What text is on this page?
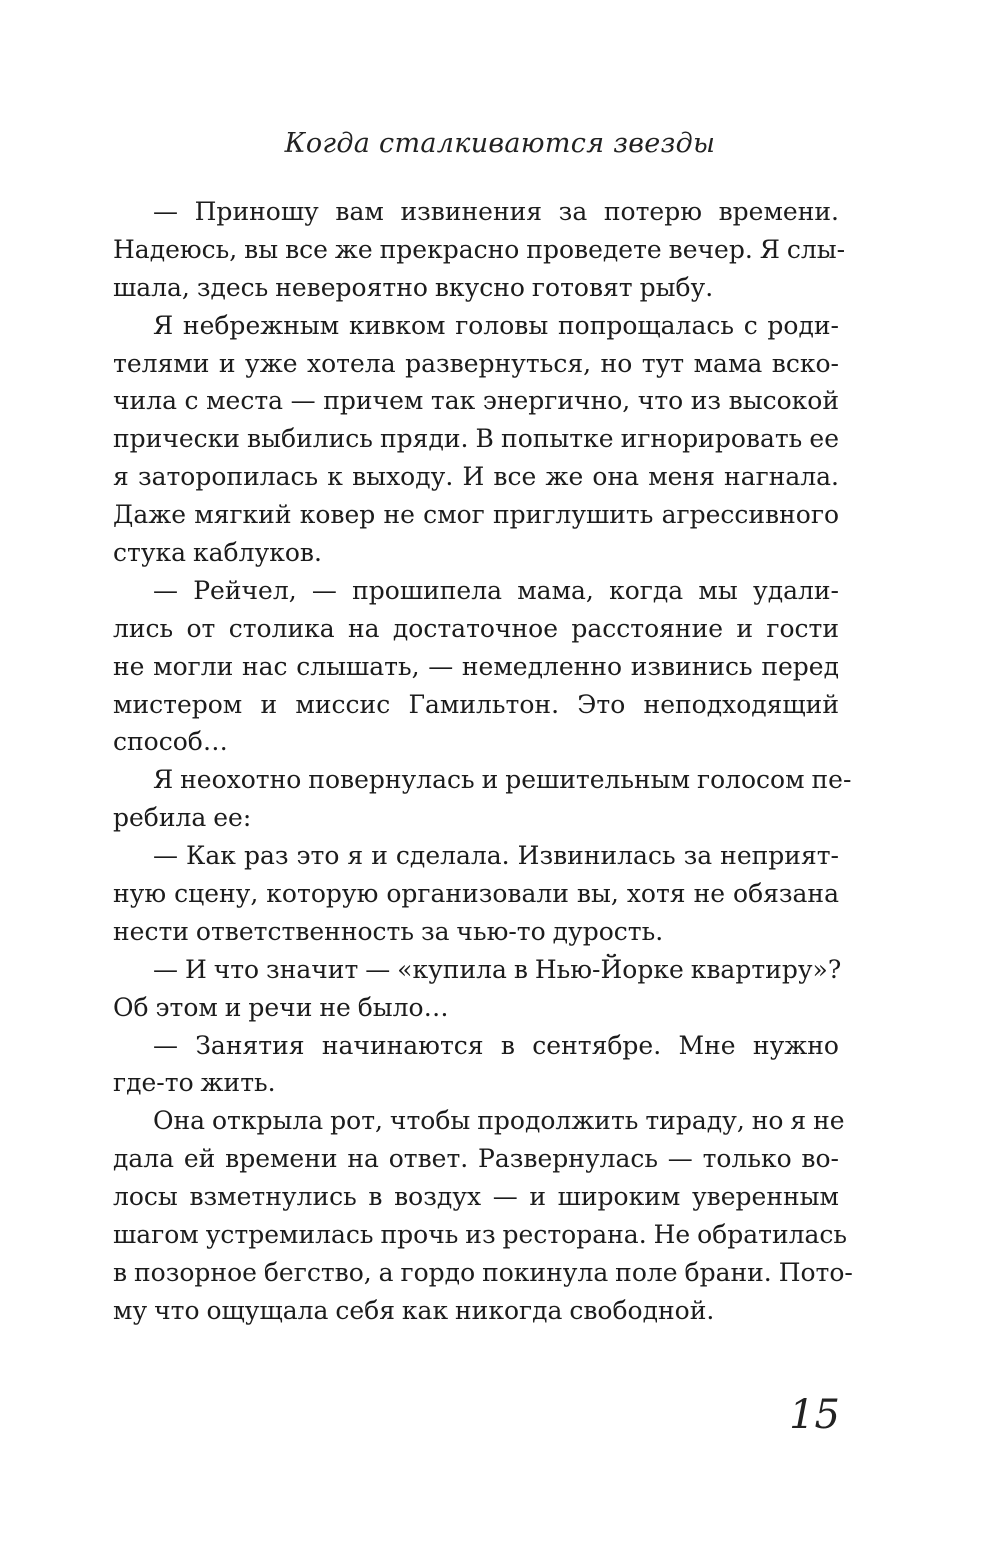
Когда сталкиваются звезды
— Приношу вам извинения за потерю времени.
Надеюсь, вы все же прекрасно проведете вечер. Я слы-
шала, здесь невероятно вкусно готовят рыбу.
Я небрежным кивком головы попрощалась с роди-
телями и уже хотела развернуться, но тут мама вско-
чила с места — причем так энергично, что из высокой
прически выбились пряди. В попытке игнорировать ее
я заторопилась к выходу. И все же она меня нагнала.
Даже мягкий ковер не смог приглушить агрессивного
стука каблуков.
— Рейчел, — прошипела мама, когда мы удали-
лись от столика на достаточное расстояние и гости
не могли нас слышать, — немедленно извинись перед
мистером и миссис Гамильтон. Это неподходящий
способ…
Я неохотно повернулась и решительным голосом пе-
ребила ее:
— Как раз это я и сделала. Извинилась за неприят-
ную сцену, которую организовали вы, хотя не обязана
нести ответственность за чью-то дурость.
— И что значит — «купила в Нью-Йорке квартиру»?
Об этом и речи не было…
— Занятия начинаются в сентябре. Мне нужно
где-то жить.
Она открыла рот, чтобы продолжить тираду, но я не
дала ей времени на ответ. Развернулась — только во-
лосы взметнулись в воздух — и широким уверенным
шагом устремилась прочь из ресторана. Не обратилась
в позорное бегство, а гордо покинула поле брани. Пото-
му что ощущала себя как никогда свободной.
15
